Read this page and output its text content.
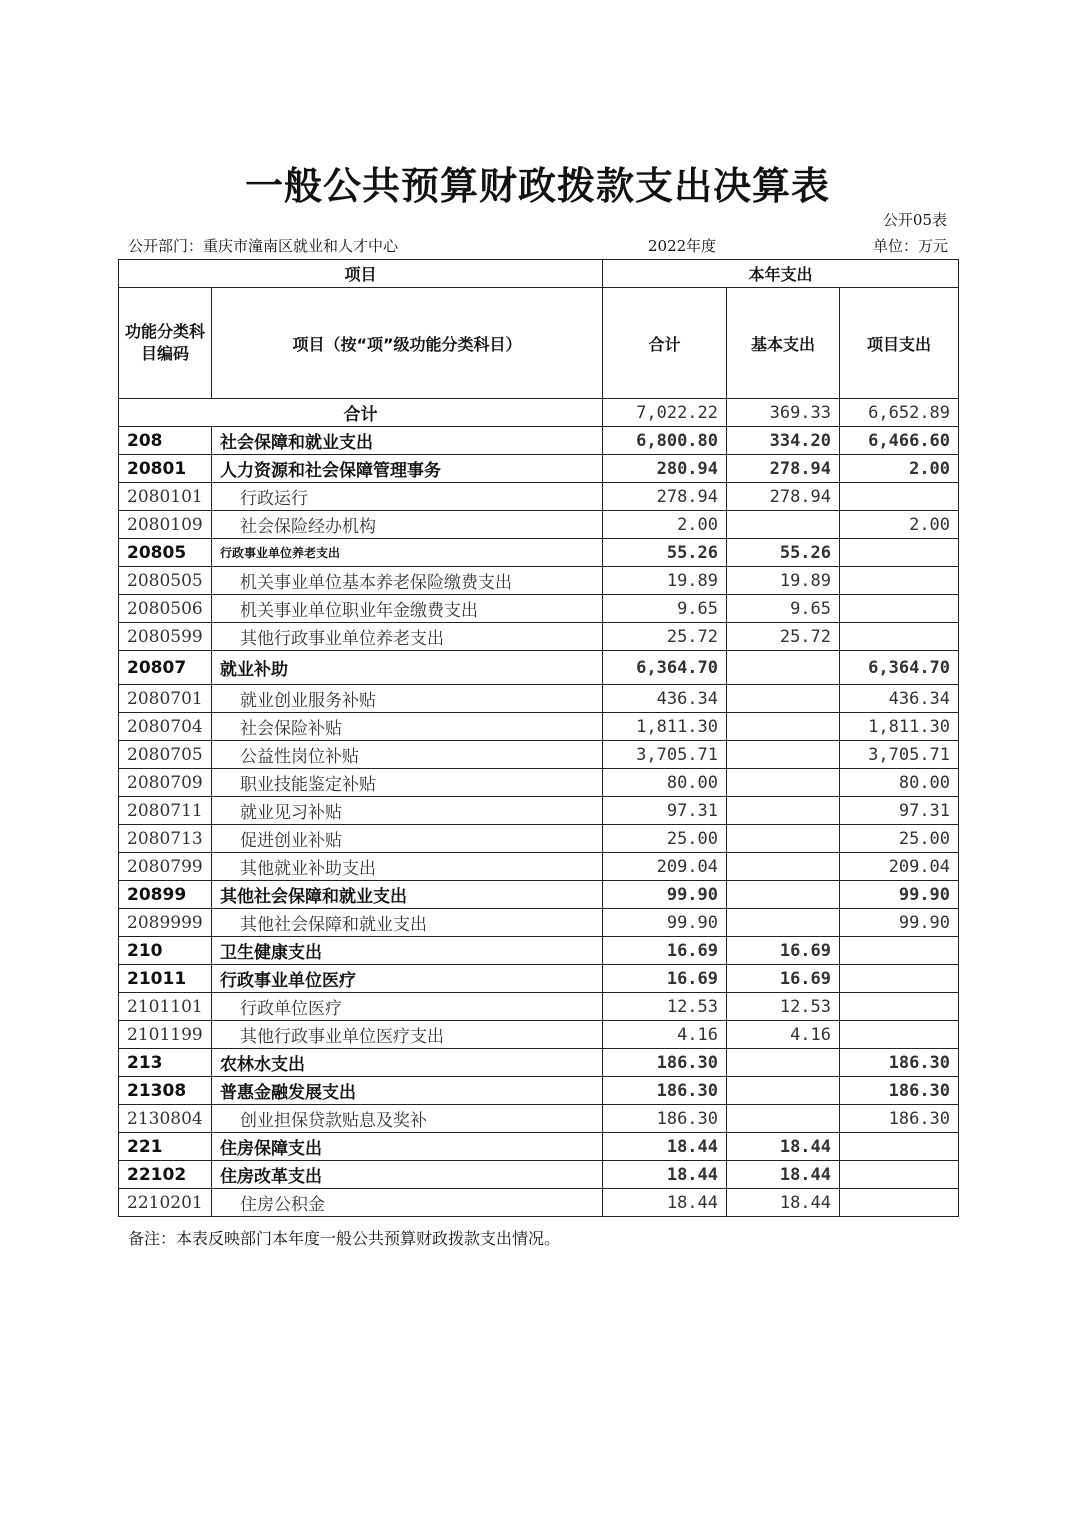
一般公共预算财政拨款支出决算表
公开05表
公开部门：重庆市潼南区就业和人才中心	2022年度	单位：万元
项目		本年支出		
功能分类科目编码	项目（按“项”级功能分类科目）	合计	基本支出	项目支出
合计		7,022.22	369.33	6,652.89
208	社会保障和就业支出	6,800.80	334.20	6,466.60
20801	人力资源和社会保障管理事务	280.94	278.94	2.00
2080101	行政运行	278.94	278.94	
2080109	社会保险经办机构	2.00		2.00
20805	行政事业单位养老支出	55.26	55.26	
2080505	机关事业单位基本养老保险缴费支出	19.89	19.89	
2080506	机关事业单位职业年金缴费支出	9.65	9.65	
2080599	其他行政事业单位养老支出	25.72	25.72	
20807	就业补助	6,364.70		6,364.70
2080701	就业创业服务补贴	436.34		436.34
2080704	社会保险补贴	1,811.30		1,811.30
2080705	公益性岗位补贴	3,705.71		3,705.71
2080709	职业技能鉴定补贴	80.00		80.00
2080711	就业见习补贴	97.31		97.31
2080713	促进创业补贴	25.00		25.00
2080799	其他就业补助支出	209.04		209.04
20899	其他社会保障和就业支出	99.90		99.90
2089999	其他社会保障和就业支出	99.90		99.90
210	卫生健康支出	16.69	16.69	
21011	行政事业单位医疗	16.69	16.69	
2101101	行政单位医疗	12.53	12.53	
2101199	其他行政事业单位医疗支出	4.16	4.16	
213	农林水支出	186.30		186.30
21308	普惠金融发展支出	186.30		186.30
2130804	创业担保贷款贴息及奖补	186.30		186.30
221	住房保障支出	18.44	18.44	
22102	住房改革支出	18.44	18.44	
2210201	住房公积金	18.44	18.44	
备注：本表反映部门本年度一般公共预算财政拨款支出情况。
